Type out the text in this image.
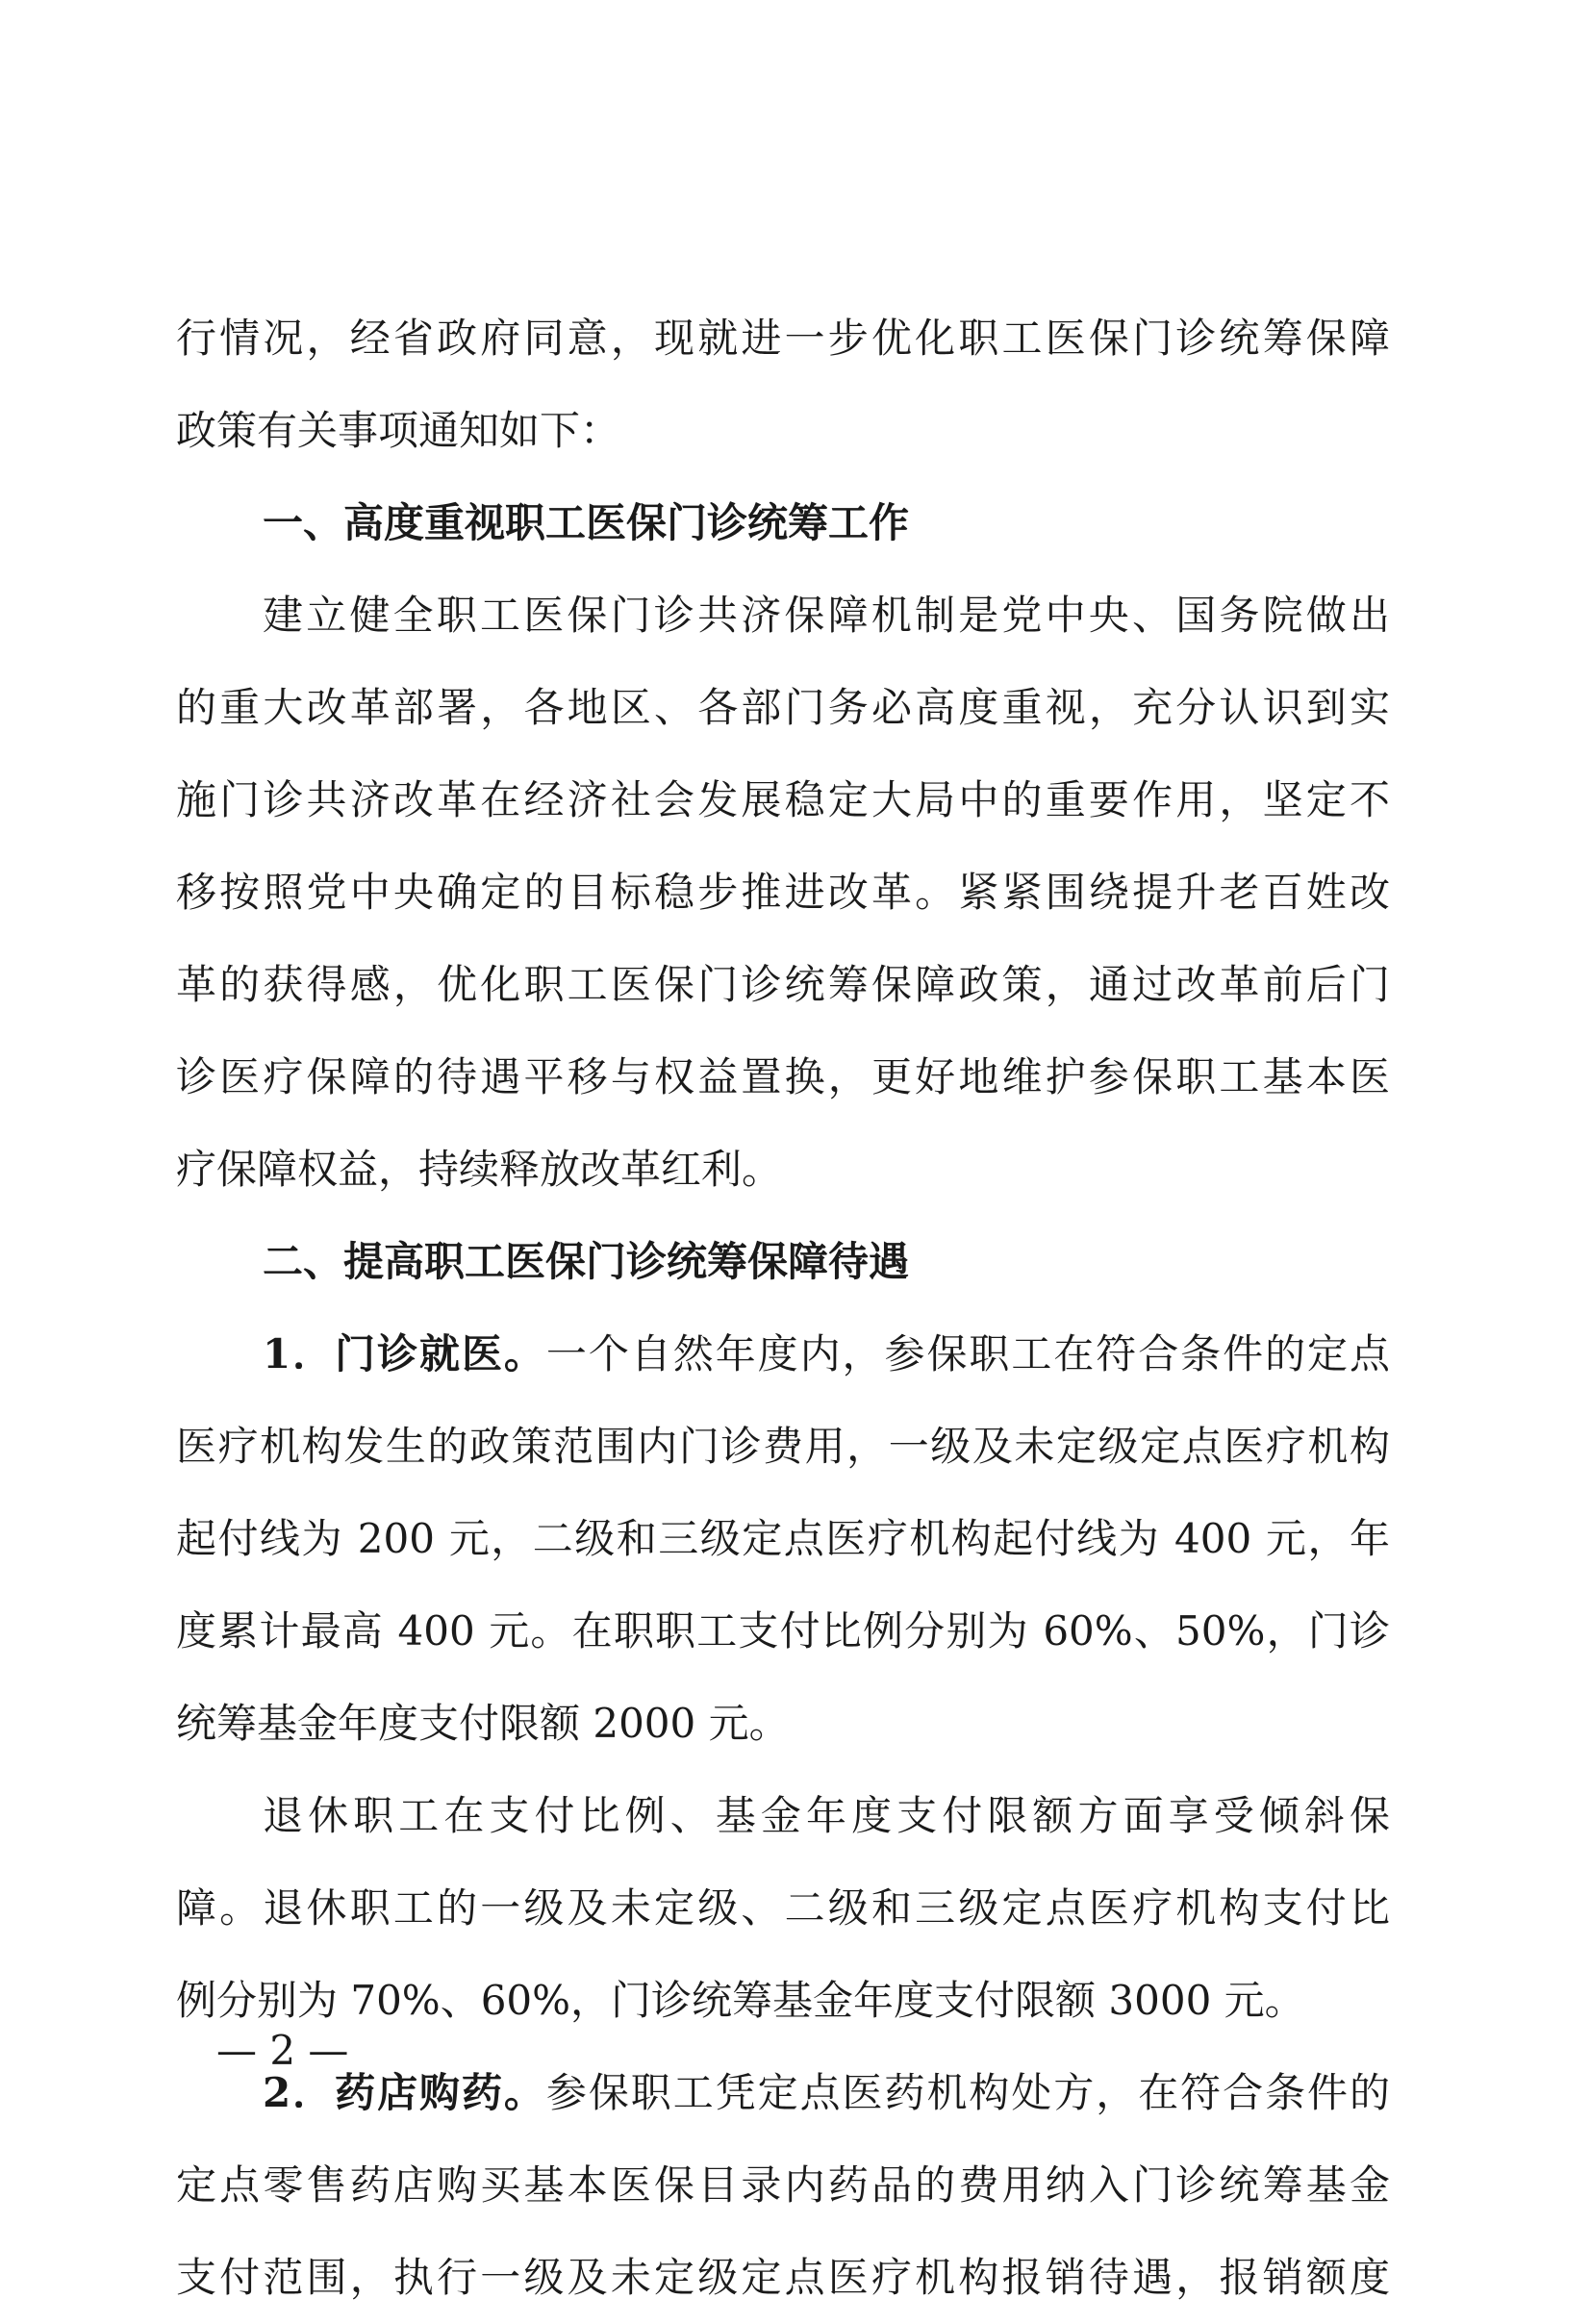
行情况，经省政府同意，现就进一步优化职工医保门诊统筹保障
政策有关事项通知如下：
一、高度重视职工医保门诊统筹工作
建立健全职工医保门诊共济保障机制是党中央、国务院做出
的重大改革部署，各地区、各部门务必高度重视，充分认识到实
施门诊共济改革在经济社会发展稳定大局中的重要作用，坚定不
移按照党中央确定的目标稳步推进改革。紧紧围绕提升老百姓改
革的获得感，优化职工医保门诊统筹保障政策，通过改革前后门
诊医疗保障的待遇平移与权益置换，更好地维护参保职工基本医
疗保障权益，持续释放改革红利。
二、提高职工医保门诊统筹保障待遇
1．门诊就医。一个自然年度内，参保职工在符合条件的定点
医疗机构发生的政策范围内门诊费用，一级及未定级定点医疗机构
起付线为 200 元，二级和三级定点医疗机构起付线为 400 元，年
度累计最高 400 元。在职职工支付比例分别为 60%、50%，门诊
统筹基金年度支付限额 2000 元。
退休职工在支付比例、基金年度支付限额方面享受倾斜保
障。退休职工的一级及未定级、二级和三级定点医疗机构支付比
例分别为 70%、60%，门诊统筹基金年度支付限额 3000 元。
2．药店购药。参保职工凭定点医药机构处方，在符合条件的
定点零售药店购买基本医保目录内药品的费用纳入门诊统筹基金
支付范围，执行一级及未定级定点医疗机构报销待遇，报销额度
— 2 —
